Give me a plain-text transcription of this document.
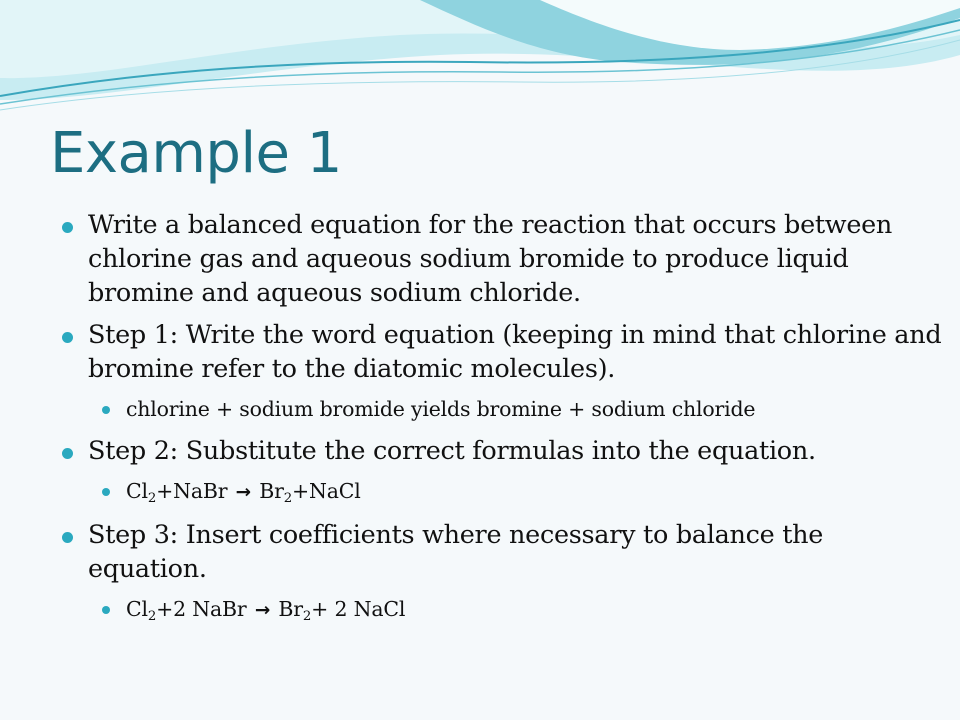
Example 1
Write a balanced equation for the reaction that occurs between chlorine gas and aqueous sodium bromide to produce liquid bromine and aqueous sodium chloride.
Step 1: Write the word equation (keeping in mind that chlorine and bromine refer to the diatomic molecules).
chlorine + sodium bromide yields bromine + sodium chloride
Step 2: Substitute the correct formulas into the equation.
$Cl_2+NaBr$ → $Br_2+NaCl$
Step 3: Insert coefficients where necessary to balance the equation.
$Cl_2+2$ NaBr → $Br_2+ 2$ NaCl
